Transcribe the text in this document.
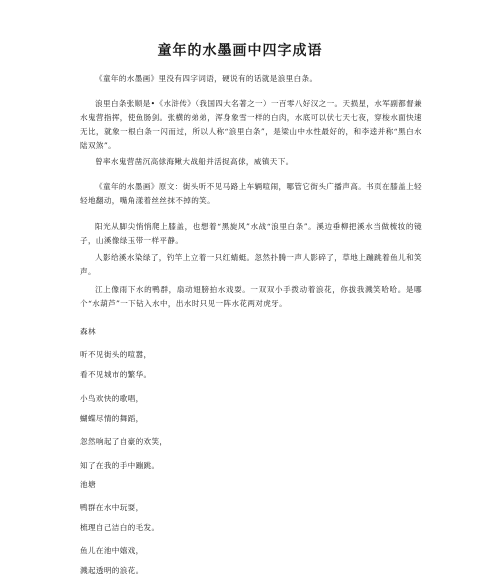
童年的水墨画中四字成语
《童年的水墨画》里没有四字词语，硬说有的话就是浪里白条。
浪里白条张顺是•《水浒传》（我国四大名著之一）一百零八好汉之一。天损星，水军副都督兼水鬼营指挥，使鱼肠剑。张横的弟弟，浑身象雪一样的白肉，水底可以伏七天七夜，穿梭水面快速无比，就象一根白条一闪而过，所以人称“浪里白条”，是梁山中水性最好的，和李逵并称“黑白水陆双煞”。
曾率水鬼营凿沉高俅海鳅大战船并活捉高俅，威镇天下。
《童年的水墨画》原文：街头听不见马路上车辆喧闹，哪管它街头广播声高。书页在膝盖上轻轻地翻动，嘴角漾着丝丝抹不掉的笑。
阳光从脚尖悄悄爬上膝盖，也想着“黑旋风”水战“浪里白条”。溪边垂柳把溪水当做梳妆的镜子，山溪像绿玉带一样平静。
人影给溪水染绿了，钓竿上立着一只红蜻蜓。忽然扑腾一声人影碎了，草地上蹦跳着鱼儿和笑声。
江上像雨下水的鸭群，扇动翅膀拍水戏耍。一双双小手拨动着浪花，你拔我溅笑哈哈。是哪个“水葫芦”一下钻入水中，出水时只见一阵水花两对虎牙。
森林
听不见街头的喧嚣，
看不见城市的繁华。
小鸟欢快的歌唱，
蝴蝶尽情的舞蹈，
忽然响起了自豪的欢笑，
知了在我的手中蹦跳。
池塘
鸭群在水中玩耍，
梳理自己洁白的毛发。
鱼儿在池中嬉戏，
溅起透明的浪花。
